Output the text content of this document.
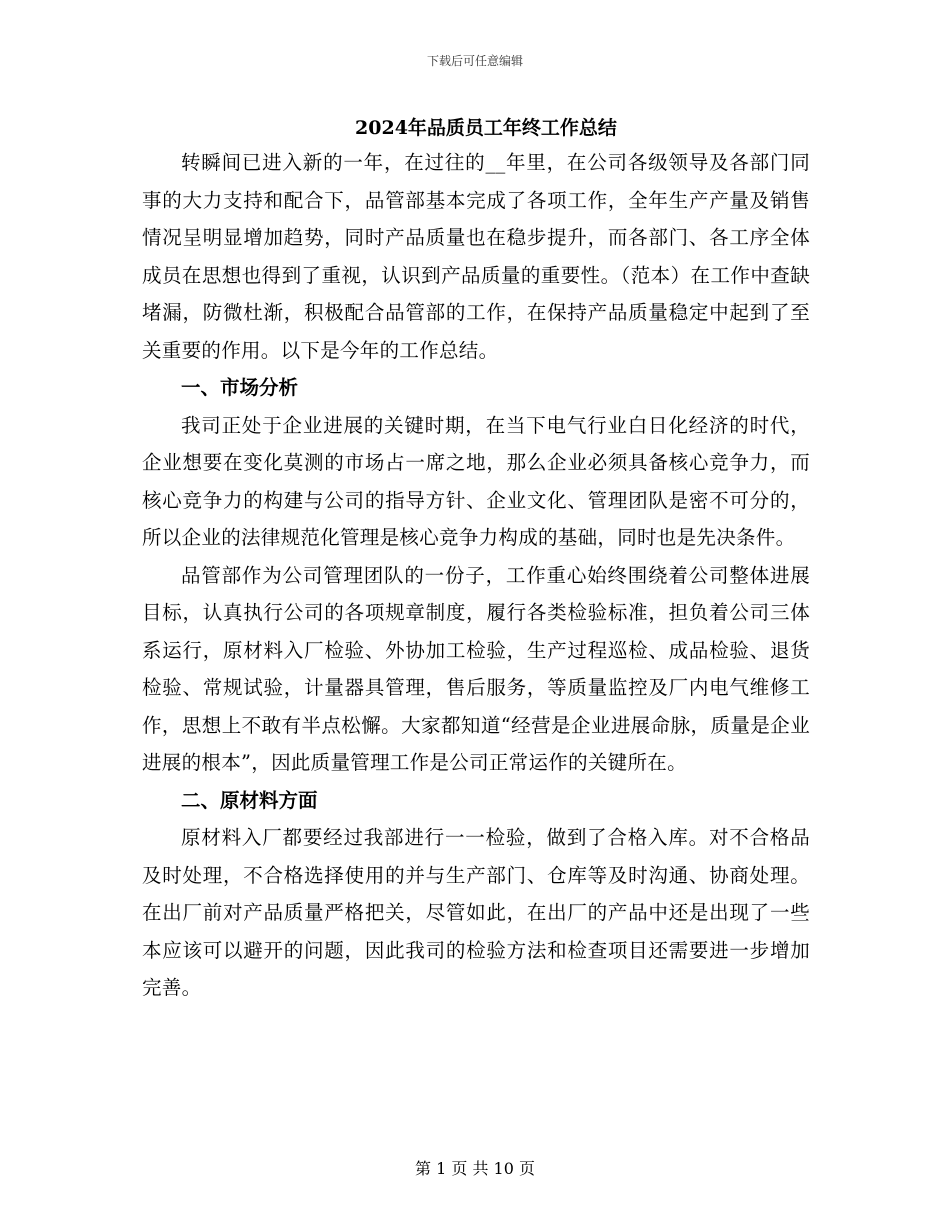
下载后可任意编辑
2024年品质员工年终工作总结

转瞬间已进入新的一年，在过往的__年里，在公司各级领导及各部门同事的大力支持和配合下，品管部基本完成了各项工作，全年生产产量及销售情况呈明显增加趋势，同时产品质量也在稳步提升，而各部门、各工序全体成员在思想也得到了重视，认识到产品质量的重要性。（范本）在工作中查缺堵漏，防微杜渐，积极配合品管部的工作，在保持产品质量稳定中起到了至关重要的作用。以下是今年的工作总结。

一、市场分析

我司正处于企业进展的关键时期，在当下电气行业白日化经济的时代，企业想要在变化莫测的市场占一席之地，那么企业必须具备核心竞争力，而核心竞争力的构建与公司的指导方针、企业文化、管理团队是密不可分的，所以企业的法律规范化管理是核心竞争力构成的基础，同时也是先决条件。

品管部作为公司管理团队的一份子，工作重心始终围绕着公司整体进展目标，认真执行公司的各项规章制度，履行各类检验标准，担负着公司三体系运行，原材料入厂检验、外协加工检验，生产过程巡检、成品检验、退货检验、常规试验，计量器具管理，售后服务，等质量监控及厂内电气维修工作，思想上不敢有半点松懈。大家都知道“经营是企业进展命脉，质量是企业进展的根本”，因此质量管理工作是公司正常运作的关键所在。

二、原材料方面

原材料入厂都要经过我部进行一一检验，做到了合格入库。对不合格品及时处理，不合格选择使用的并与生产部门、仓库等及时沟通、协商处理。在出厂前对产品质量严格把关，尽管如此，在出厂的产品中还是出现了一些本应该可以避开的问题，因此我司的检验方法和检查项目还需要进一步增加完善。

第 1 页 共 10 页
